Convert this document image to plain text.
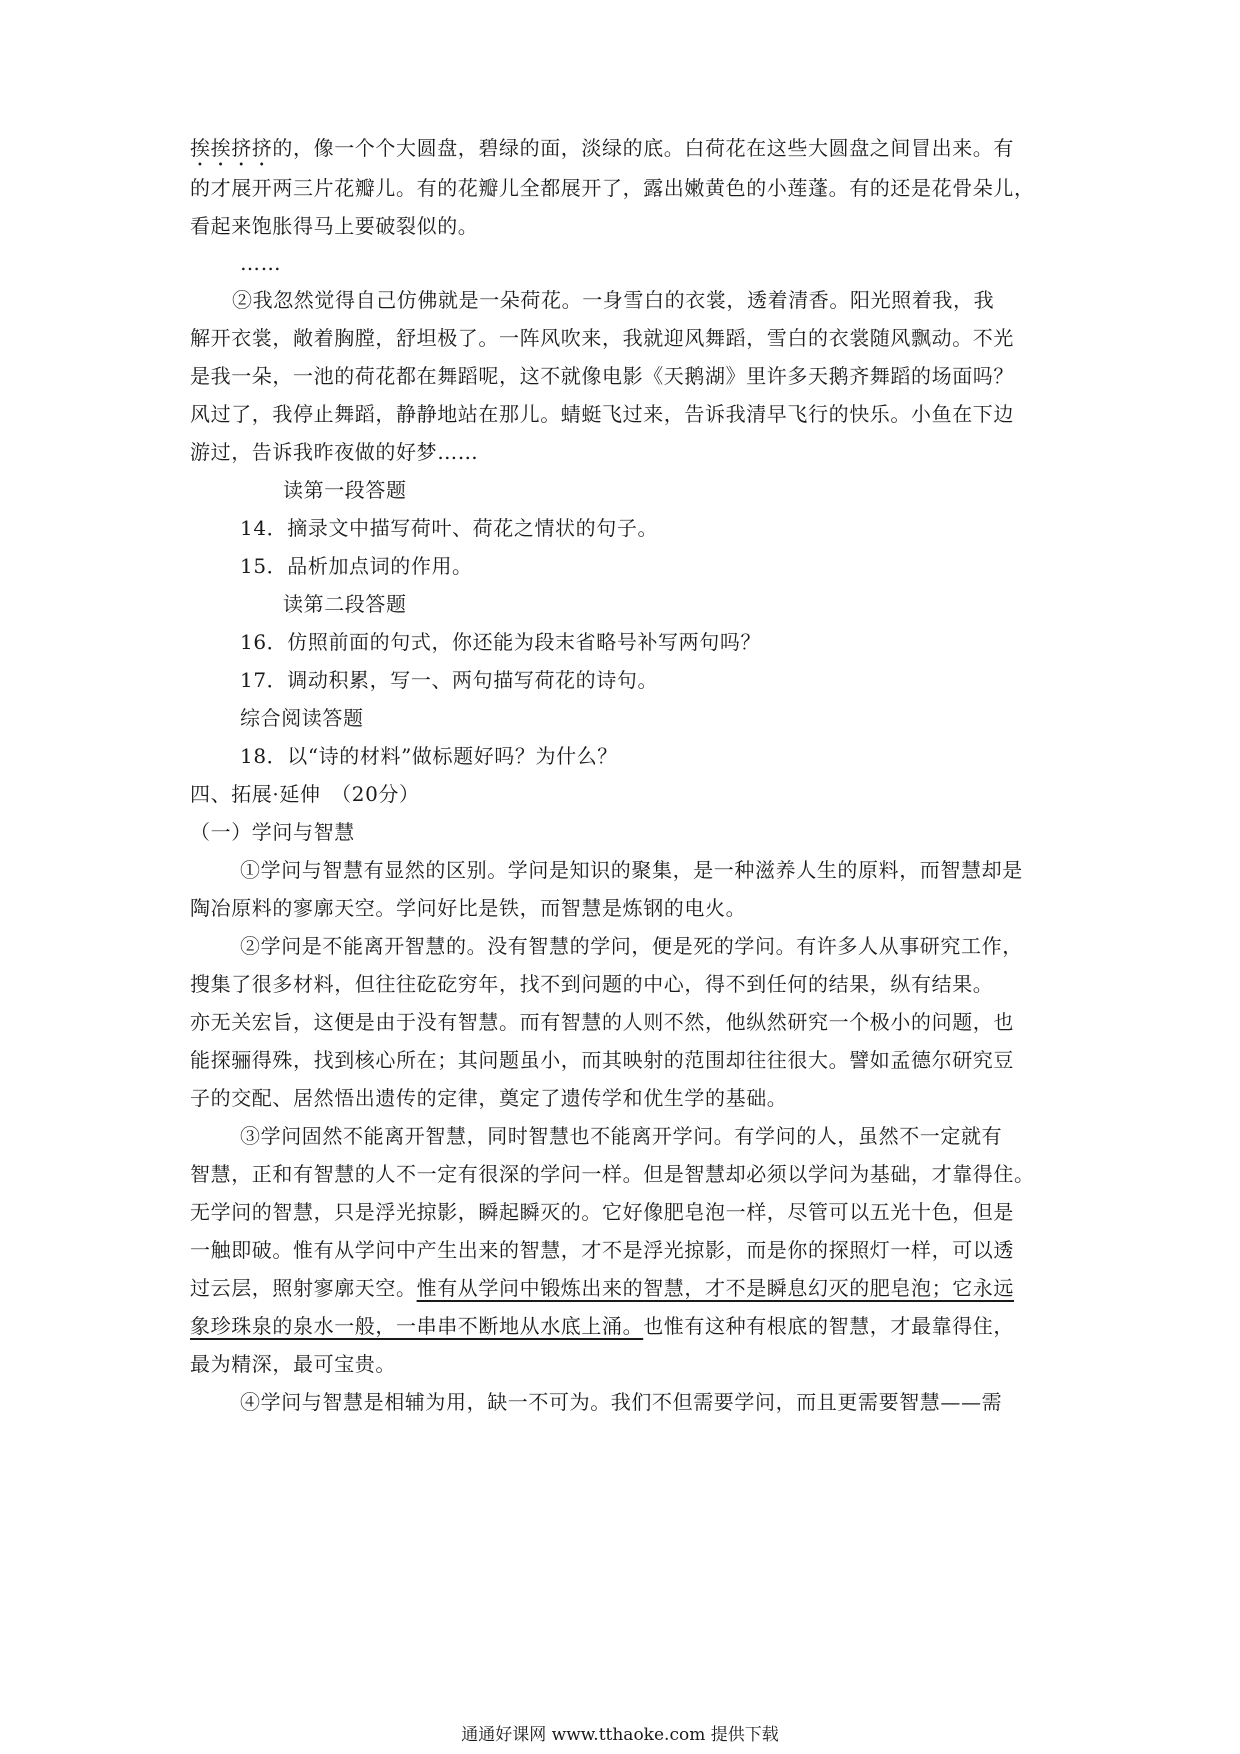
挨挨挤挤的，像一个个大圆盘，碧绿的面，淡绿的底。白荷花在这些大圆盘之间冒出来。有
的才展开两三片花瓣儿。有的花瓣儿全都展开了，露出嫩黄色的小莲蓬。有的还是花骨朵儿，
看起来饱胀得马上要破裂似的。
……
②我忽然觉得自己仿佛就是一朵荷花。一身雪白的衣裳，透着清香。阳光照着我，我
解开衣裳，敞着胸膛，舒坦极了。一阵风吹来，我就迎风舞蹈，雪白的衣裳随风飘动。不光
是我一朵，一池的荷花都在舞蹈呢，这不就像电影《天鹅湖》里许多天鹅齐舞蹈的场面吗？
风过了，我停止舞蹈，静静地站在那儿。蜻蜓飞过来，告诉我清早飞行的快乐。小鱼在下边
游过，告诉我昨夜做的好梦……
读第一段答题
14．摘录文中描写荷叶、荷花之情状的句子。
15．品析加点词的作用。
读第二段答题
16．仿照前面的句式，你还能为段末省略号补写两句吗？
17．调动积累，写一、两句描写荷花的诗句。
综合阅读答题
18．以“诗的材料”做标题好吗？为什么？
四、拓展·延伸　（20分）
（一）学问与智慧
①学问与智慧有显然的区别。学问是知识的聚集，是一种滋养人生的原料，而智慧却是
陶冶原料的寥廓天空。学问好比是铁，而智慧是炼钢的电火。
②学问是不能离开智慧的。没有智慧的学问，便是死的学问。有许多人从事研究工作，
搜集了很多材料，但往往矻矻穷年，找不到问题的中心，得不到任何的结果，纵有结果。
亦无关宏旨，这便是由于没有智慧。而有智慧的人则不然，他纵然研究一个极小的问题，也
能探骊得殊，找到核心所在；其问题虽小，而其映射的范围却往往很大。譬如孟德尔研究豆
子的交配、居然悟出遗传的定律，奠定了遗传学和优生学的基础。
③学问固然不能离开智慧，同时智慧也不能离开学问。有学问的人，虽然不一定就有
智慧，正和有智慧的人不一定有很深的学问一样。但是智慧却必须以学问为基础，才靠得住。
无学问的智慧，只是浮光掠影，瞬起瞬灭的。它好像肥皂泡一样，尽管可以五光十色，但是
一触即破。惟有从学问中产生出来的智慧，才不是浮光掠影，而是你的探照灯一样，可以透
过云层，照射寥廓天空。惟有从学问中锻炼出来的智慧，才不是瞬息幻灭的肥皂泡；它永远
象珍珠泉的泉水一般，一串串不断地从水底上涌。也惟有这种有根底的智慧，才最靠得住，
最为精深，最可宝贵。
④学问与智慧是相辅为用，缺一不可为。我们不但需要学问，而且更需要智慧——需
通通好课网 www.tthaoke.com 提供下载
